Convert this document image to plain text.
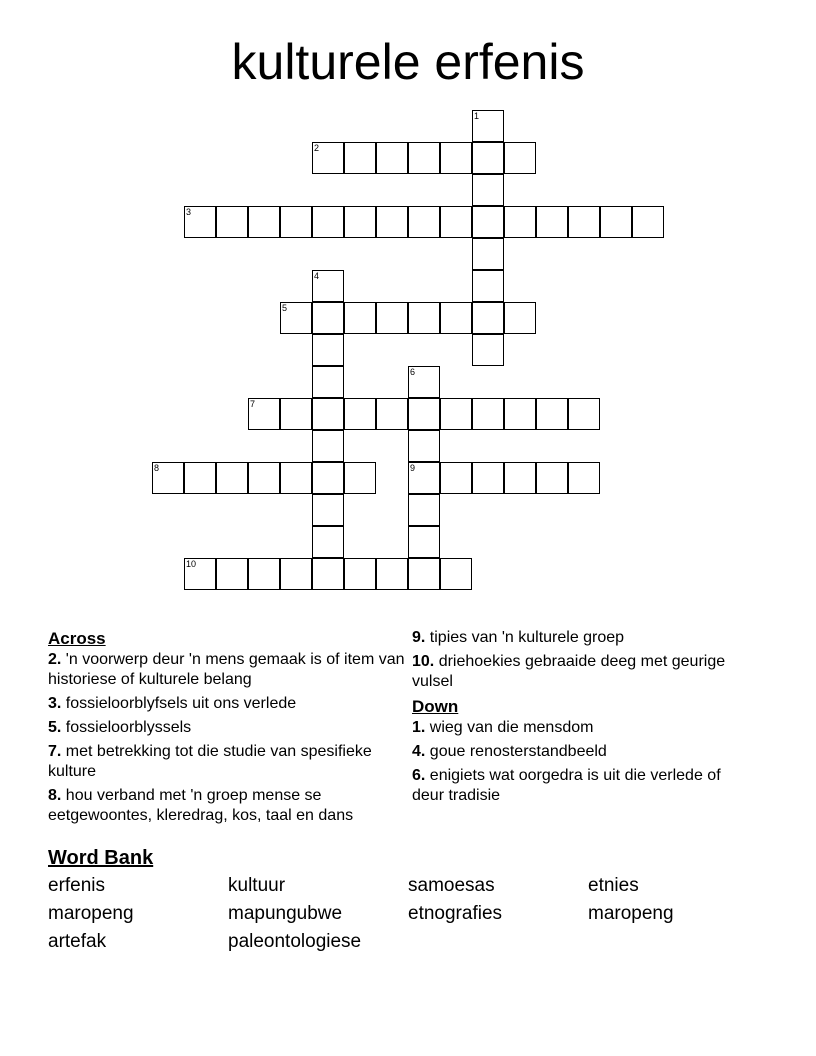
kulturele erfenis
1
2
3
4
5
6
9
7
8
10
Across
2. 'n voorwerp deur 'n mens gemaak is of item van historiese of kulturele belang
3. fossieloorblyfsels uit ons verlede
5. fossieloorblyssels
7. met betrekking tot die studie van spesifieke kulture
8. hou verband met 'n groep mense se eetgewoontes, kleredrag, kos, taal en dans
9. tipies van 'n kulturele groep
10. driehoekies gebraaide deeg met geurige vulsel
Down
1. wieg van die mensdom
4. goue renosterstandbeeld
6. enigiets wat oorgedra is uit die verlede of deur tradisie
Word Bank
erfenis	kultuur	samoesas	etnies
maropeng	mapungubwe	etnografies	maropeng
artefak	paleontologiese
